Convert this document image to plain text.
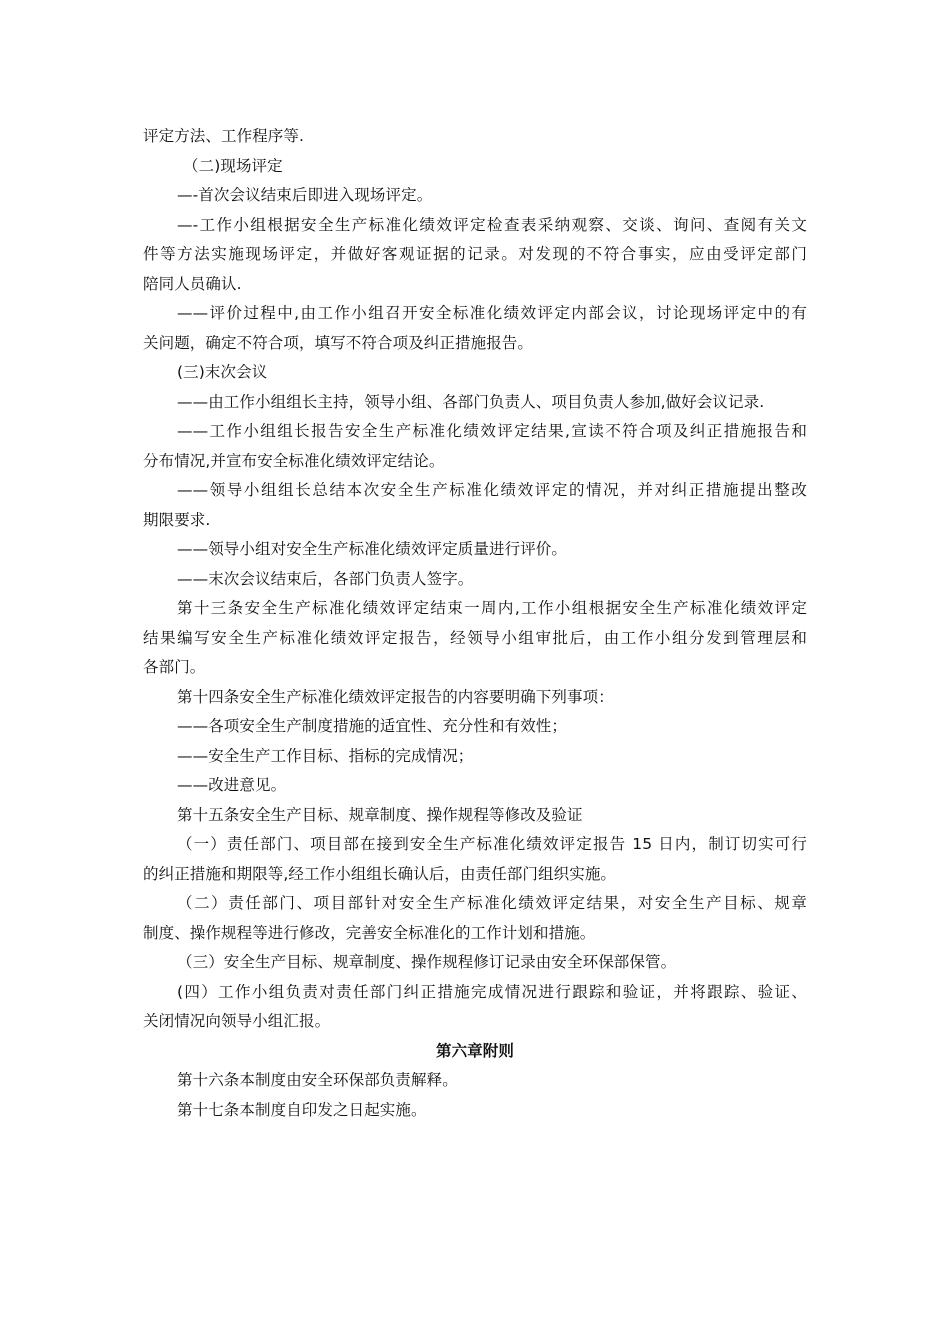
评定方法、工作程序等.
（二)现场评定
—-首次会议结束后即进入现场评定。
—-工作小组根据安全生产标准化绩效评定检查表采纳观察、交谈、询问、查阅有关文
件等方法实施现场评定，并做好客观证据的记录。对发现的不符合事实，应由受评定部门
陪同人员确认.
——评价过程中,由工作小组召开安全标准化绩效评定内部会议，讨论现场评定中的有
关问题，确定不符合项，填写不符合项及纠正措施报告。
(三)末次会议
——由工作小组组长主持，领导小组、各部门负责人、项目负责人参加,做好会议记录.
——工作小组组长报告安全生产标准化绩效评定结果,宣读不符合项及纠正措施报告和
分布情况,并宣布安全标准化绩效评定结论。
——领导小组组长总结本次安全生产标准化绩效评定的情况，并对纠正措施提出整改
期限要求.
——领导小组对安全生产标准化绩效评定质量进行评价。
——末次会议结束后，各部门负责人签字。
第十三条安全生产标准化绩效评定结束一周内,工作小组根据安全生产标准化绩效评定
结果编写安全生产标准化绩效评定报告，经领导小组审批后，由工作小组分发到管理层和
各部门。
第十四条安全生产标准化绩效评定报告的内容要明确下列事项：
——各项安全生产制度措施的适宜性、充分性和有效性；
——安全生产工作目标、指标的完成情况；
——改进意见。
第十五条安全生产目标、规章制度、操作规程等修改及验证
（一）责任部门、项目部在接到安全生产标准化绩效评定报告 15 日内，制订切实可行
的纠正措施和期限等,经工作小组组长确认后，由责任部门组织实施。
（二）责任部门、项目部针对安全生产标准化绩效评定结果，对安全生产目标、规章
制度、操作规程等进行修改，完善安全标准化的工作计划和措施。
（三）安全生产目标、规章制度、操作规程修订记录由安全环保部保管。
(四）工作小组负责对责任部门纠正措施完成情况进行跟踪和验证，并将跟踪、验证、
关闭情况向领导小组汇报。
第六章附则
第十六条本制度由安全环保部负责解释。
第十七条本制度自印发之日起实施。
